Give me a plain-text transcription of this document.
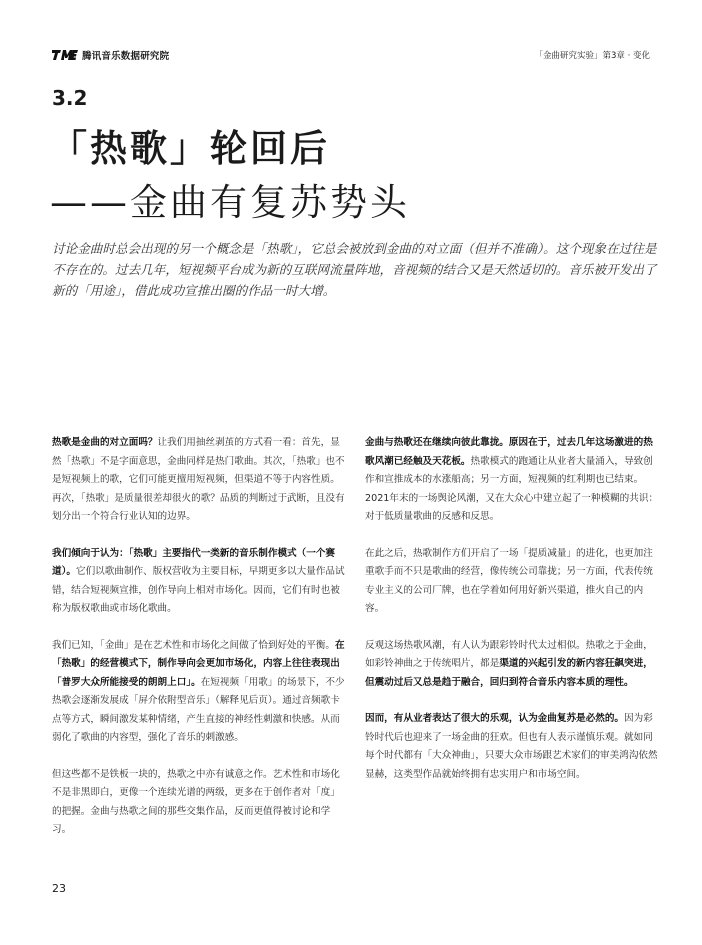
腾讯音乐数据研究院	「金曲研究实验」第3章 · 变化
3.2
「热歌」轮回后
——金曲有复苏势头
讨论金曲时总会出现的另一个概念是「热歌」，它总会被放到金曲的对立面（但并不准确）。这个现象在过往是不存在的。过去几年，短视频平台成为新的互联网流量阵地，音视频的结合又是天然适切的。音乐被开发出了新的「用途」，借此成功宣推出圈的作品一时大增。

热歌是金曲的对立面吗？让我们用抽丝剥茧的方式看一看：首先，显然「热歌」不是字面意思，金曲同样是热门歌曲。其次，「热歌」也不是短视频上的歌，它们可能更擅用短视频，但渠道不等于内容性质。再次，「热歌」是质量很差却很火的歌？品质的判断过于武断，且没有划分出一个符合行业认知的边界。

我们倾向于认为：「热歌」主要指代一类新的音乐制作模式（一个赛道）。它们以歌曲制作、版权营收为主要目标，早期更多以大量作品试错，结合短视频宣推，创作导向上相对市场化。因而，它们有时也被称为版权歌曲或市场化歌曲。

我们已知，「金曲」是在艺术性和市场化之间做了恰到好处的平衡。在「热歌」的经营模式下，制作导向会更加市场化，内容上往往表现出「普罗大众所能接受的朗朗上口」。在短视频「用歌」的场景下，不少热歌会逐渐发展成「屏介依附型音乐」（解释见后页）。通过音频歌卡点等方式，瞬间激发某种情绪，产生直接的神经性刺激和快感。从而弱化了歌曲的内容型，强化了音乐的刺激感。

但这些都不是铁板一块的，热歌之中亦有诚意之作。艺术性和市场化不是非黑即白，更像一个连续光谱的两级，更多在于创作者对「度」的把握。金曲与热歌之间的那些交集作品，反而更值得被讨论和学习。

金曲与热歌还在继续向彼此靠拢。原因在于，过去几年这场激进的热歌风潮已经触及天花板。热歌模式的跑通让从业者大量涌入，导致创作和宣推成本的水涨船高；另一方面，短视频的红利期也已结束。2021年末的一场舆论风潮，又在大众心中建立起了一种模糊的共识：对于低质量歌曲的反感和反思。

在此之后，热歌制作方们开启了一场「提质减量」的进化，也更加注重歌手而不只是歌曲的经营，像传统公司靠拢；另一方面，代表传统专业主义的公司厂牌，也在学着如何用好新兴渠道，推火自己的内容。

反观这场热歌风潮，有人认为跟彩铃时代太过相似。热歌之于金曲，如彩铃神曲之于传统唱片，都是渠道的兴起引发的新内容狂飙突进，但震动过后又总是趋于融合，回归到符合音乐内容本质的理性。

因而，有从业者表达了很大的乐观，认为金曲复苏是必然的。因为彩铃时代后也迎来了一场金曲的狂欢。但也有人表示谨慎乐观。就如同每个时代都有「大众神曲」，只要大众市场跟艺术家们的审美鸿沟依然显赫，这类型作品就始终拥有忠实用户和市场空间。

23
